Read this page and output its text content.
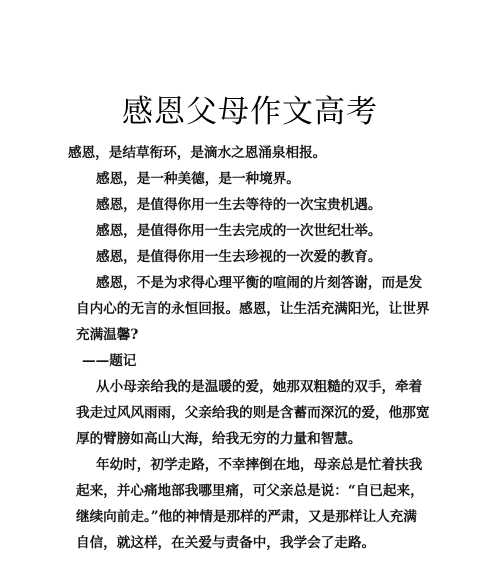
感恩父母作文高考
感恩，是结草衔环，是滴水之恩涌泉相报。
感恩，是一种美德，是一种境界。
感恩，是值得你用一生去等待的一次宝贵机遇。
感恩，是值得你用一生去完成的一次世纪壮举。
感恩，是值得你用一生去珍视的一次爱的教育。
感恩，不是为求得心理平衡的喧闹的片刻答谢，而是发
自内心的无言的永恒回报。感恩，让生活充满阳光，让世界
充满温馨?
——题记
从小母亲给我的是温暖的爱，她那双粗糙的双手，牵着
我走过风风雨雨，父亲给我的则是含蓄而深沉的爱，他那宽
厚的臂膀如高山大海，给我无穷的力量和智慧。
年幼时，初学走路，不幸摔倒在地，母亲总是忙着扶我
起来，并心痛地部我哪里痛，可父亲总是说：“自已起来，
继续向前走。”他的神情是那样的严肃，又是那样让人充满
自信，就这样，在关爱与责备中，我学会了走路。
